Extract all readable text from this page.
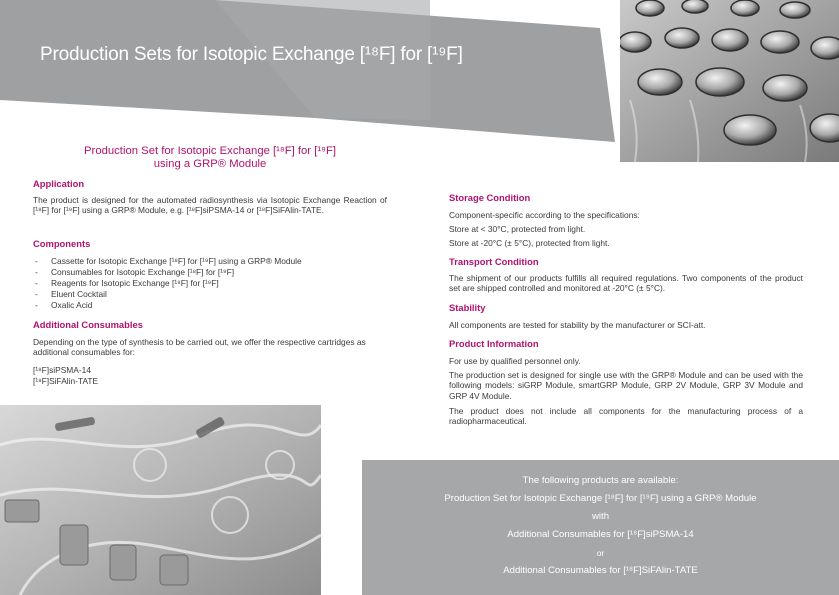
Production Sets for Isotopic Exchange [¹⁸F] for [¹⁹F]
Production Set for Isotopic Exchange [¹⁸F] for [¹⁹F]
using a GRP® Module
Application
The product is designed for the automated radiosynthesis via Isotopic Exchange Reaction of [¹⁸F] for [¹⁹F] using a GRP® Module, e.g. [¹⁸F]siPSMA-14 or [¹⁸F]SiFAlin-TATE.
Components
- Cassette for Isotopic Exchange [¹⁸F] for [¹⁹F] using a GRP® Module
- Consumables for Isotopic Exchange [¹⁸F] for [¹⁹F]
- Reagents for Isotopic Exchange [¹⁸F] for [¹⁹F]
- Eluent Cocktail
- Oxalic Acid
Additional Consumables
Depending on the type of synthesis to be carried out, we offer the respective cartridges as additional consumables for:
[¹⁸F]siPSMA-14
[¹⁸F]SiFAlin-TATE
Storage Condition
Component-specific according to the specifications:
Store at < 30°C, protected from light.
Store at -20°C (± 5°C), protected from light.
Transport Condition
The shipment of our products fulfills all required regulations. Two components of the product set are shipped controlled and monitored at -20°C (± 5°C).
Stability
All components are tested for stability by the manufacturer or SCI-att.
Product Information
For use by qualified personnel only.
The production set is designed for single use with the GRP® Module and can be used with the following models: siGRP Module, smartGRP Module, GRP 2V Module, GRP 3V Module and GRP 4V Module.
The product does not include all components for the manufacturing process of a radiopharmaceutical.
The following products are available:
Production Set for Isotopic Exchange [¹⁸F] for [¹⁹F] using a GRP® Module
with
Additional Consumables for [¹⁸F]siPSMA-14
or
Additional Consumables for [¹⁸F]SiFAlin-TATE
